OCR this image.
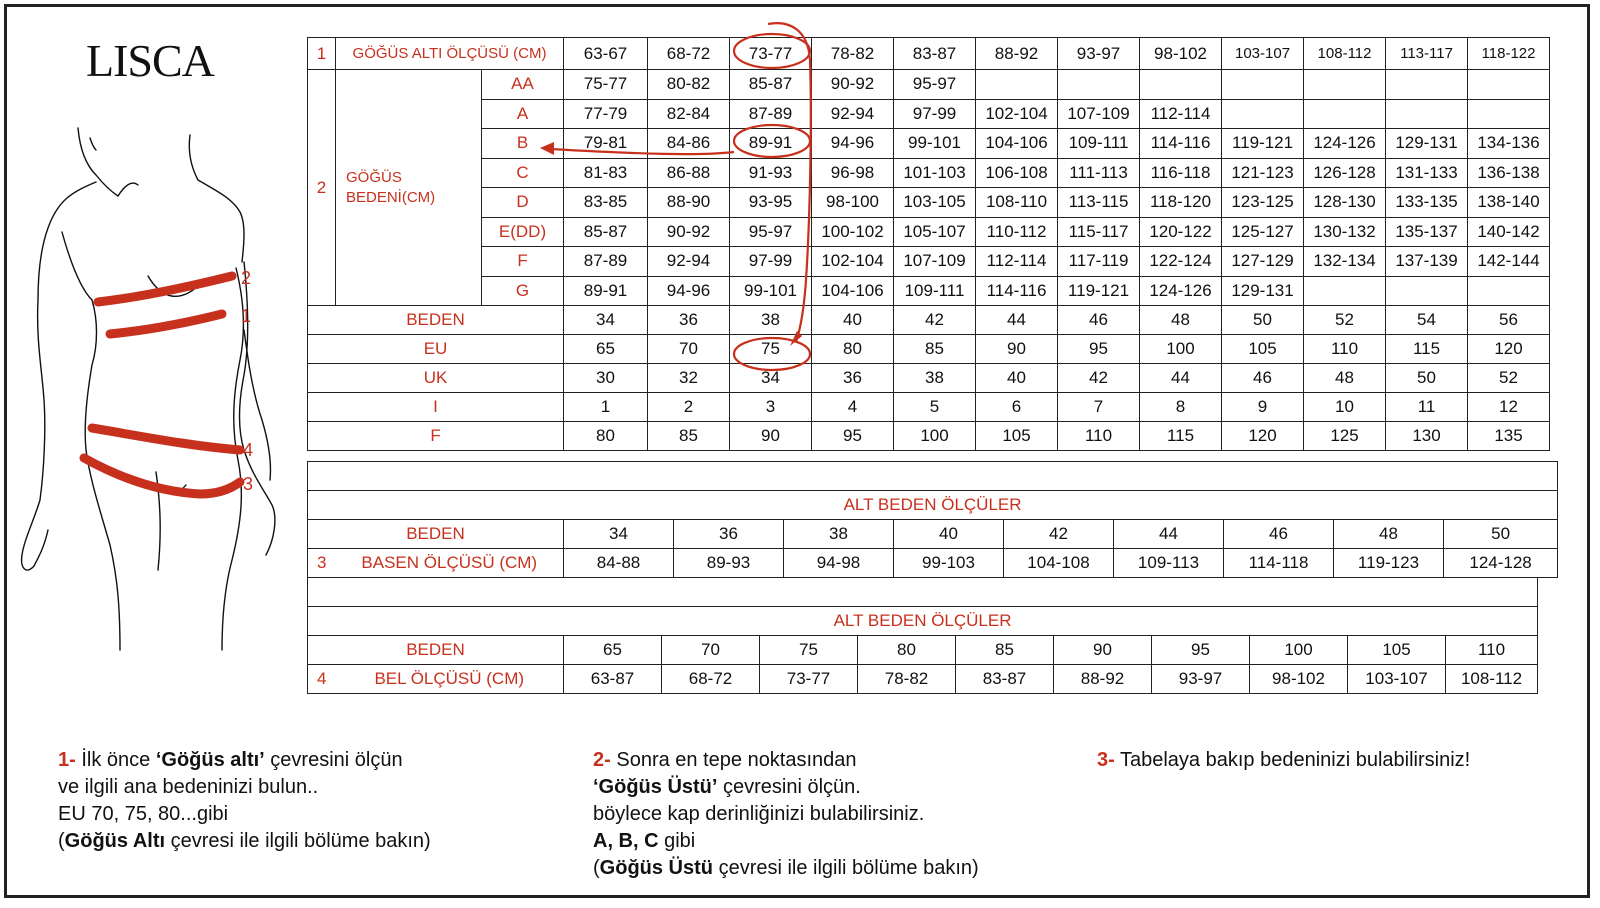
LISCA
2
1
4
3
1	GÖĞÜS ALTI ÖLÇÜSÜ (CM)		63-67	68-72	73-77	78-82	83-87	88-92	93-97	98-102	103-107	108-112	113-117	118-122
2	GÖĞÜS
BEDENİ(CM)	AA	75-77	80-82	85-87	90-92	95-97							
		A	77-79	82-84	87-89	92-94	97-99	102-104	107-109	112-114				
		B	79-81	84-86	89-91	94-96	99-101	104-106	109-111	114-116	119-121	124-126	129-131	134-136
		C	81-83	86-88	91-93	96-98	101-103	106-108	111-113	116-118	121-123	126-128	131-133	136-138
		D	83-85	88-90	93-95	98-100	103-105	108-110	113-115	118-120	123-125	128-130	133-135	138-140
		E(DD)	85-87	90-92	95-97	100-102	105-107	110-112	115-117	120-122	125-127	130-132	135-137	140-142
		F	87-89	92-94	97-99	102-104	107-109	112-114	117-119	122-124	127-129	132-134	137-139	142-144
		G	89-91	94-96	99-101	104-106	109-111	114-116	119-121	124-126	129-131			
BEDEN			34	36	38	40	42	44	46	48	50	52	54	56
EU			65	70	75	80	85	90	95	100	105	110	115	120
UK			30	32	34	36	38	40	42	44	46	48	50	52
I			1	2	3	4	5	6	7	8	9	10	11	12
F			80	85	90	95	100	105	110	115	120	125	130	135

ALT BEDEN ÖLÇÜLER										
BEDEN		34	36	38	40	42	44	46	48	50
3	BASEN ÖLÇÜSÜ (CM)	84-88	89-93	94-98	99-103	104-108	109-113	114-118	119-123	124-128

ALT BEDEN ÖLÇÜLER											
BEDEN		65	70	75	80	85	90	95	100	105	110
4	BEL ÖLÇÜSÜ (CM)	63-87	68-72	73-77	78-82	83-87	88-92	93-97	98-102	103-107	108-112
1- İlk önce ‘Göğüs altı’ çevresini ölçün
ve ilgili ana bedeninizi bulun..
EU 70, 75, 80...gibi
(Göğüs Altı çevresi ile ilgili bölüme bakın)
2- Sonra en tepe noktasından
‘Göğüs Üstü’ çevresini ölçün.
böylece kap derinliğinizi bulabilirsiniz.
A, B, C gibi
(Göğüs Üstü çevresi ile ilgili bölüme bakın)
3- Tabelaya bakıp bedeninizi bulabilirsiniz!
